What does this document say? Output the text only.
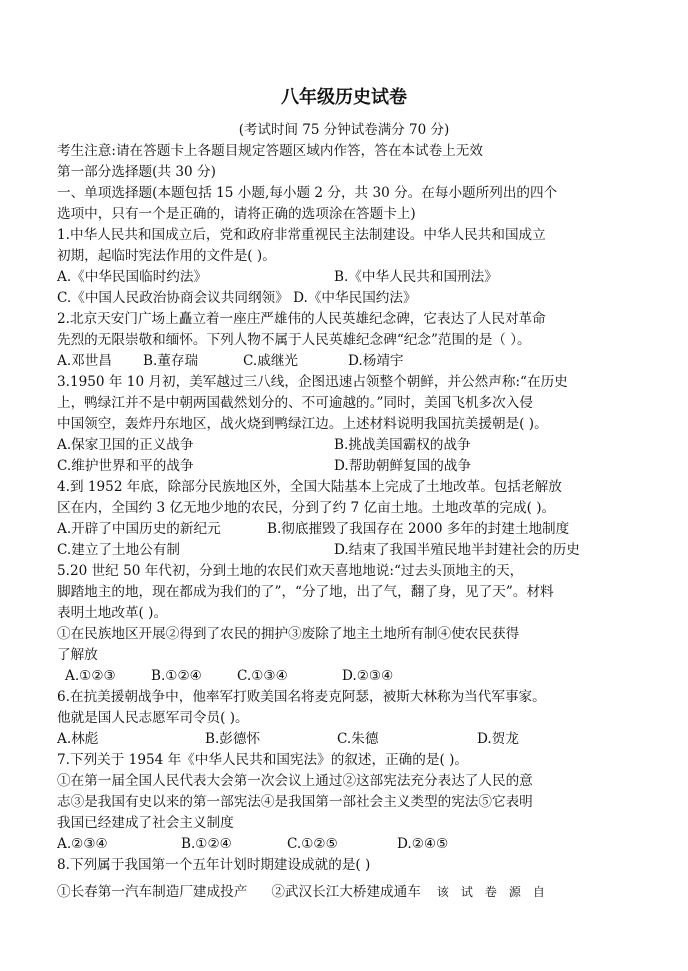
八年级历史试卷
(考试时间 75 分钟试卷满分 70 分)
考生注意:请在答题卡上各题目规定答题区域内作答，答在本试卷上无效
第一部分选择题(共 30 分)
一、单项选择题(本题包括 15 小题,每小题 2 分，共 30 分。在每小题所列出的四个
选项中，只有一个是正确的，请将正确的选项涂在答题卡上)
1.中华人民共和国成立后，党和政府非常重视民主法制建设。中华人民共和国成立
初期，起临时宪法作用的文件是( )。
A.《中华民国临时约法》	B.《中华人民共和国刑法》
C.《中国人民政治协商会议共同纲领》 D.《中华民国约法》
2.北京天安门广场上矗立着一座庄严雄伟的人民英雄纪念碑，它表达了人民对革命
先烈的无限崇敬和缅怀。下列人物不属于人民英雄纪念碑“纪念”范围的是（ ）。
A.邓世昌 B.董存瑞	C.戚继光	D.杨靖宇
3.1950 年 10 月初，美军越过三八线，企图迅速占领整个朝鲜，并公然声称:“在历史
上，鸭绿江并不是中朝两国截然划分的、不可逾越的。”同时，美国飞机多次入侵
中国领空，轰炸丹东地区，战火烧到鸭绿江边。上述材料说明我国抗美援朝是( )。
A.保家卫国的正义战争	B.挑战美国霸权的战争
C.维护世界和平的战争	D.帮助朝鲜复国的战争
4.到 1952 年底，除部分民族地区外，全国大陆基本上完成了土地改革。包括老解放
区在内，全国约 3 亿无地少地的农民，分到了约 7 亿亩土地。土地改革的完成( )。
A.开辟了中国历史的新纪元	B.彻底摧毁了我国存在 2000 多年的封建土地制度
C.建立了土地公有制	D.结束了我国半殖民地半封建社会的历史
5.20 世纪 50 年代初，分到土地的农民们欢天喜地地说:“过去头顶地主的天，
脚踏地主的地，现在都成为我们的了”，“分了地，出了气，翻了身，见了天”。材料
表明土地改革( )。
①在民族地区开展②得到了农民的拥护③废除了地主土地所有制④使农民获得
了解放
A.①②③	B.①②④	C.①③④	D.②③④
6.在抗美援朝战争中，他率军打败美国名将麦克阿瑟，被斯大林称为当代军事家。
他就是国人民志愿军司令员( )。
A.林彪	B.彭德怀	C.朱德	D.贺龙
7.下列关于 1954 年《中华人民共和国宪法》的叙述，正确的是( )。
①在第一届全国人民代表大会第一次会议上通过②这部宪法充分表达了人民的意
志③是我国有史以来的第一部宪法④是我国第一部社会主义类型的宪法⑤它表明
我国已经建成了社会主义制度
A.②③④	B.①②④	C.①②⑤	D.②④⑤
8.下列属于我国第一个五年计划时期建设成就的是( )
①长春第一汽车制造厂建成投产 ②武汉长江大桥建成通车 该试卷源自
